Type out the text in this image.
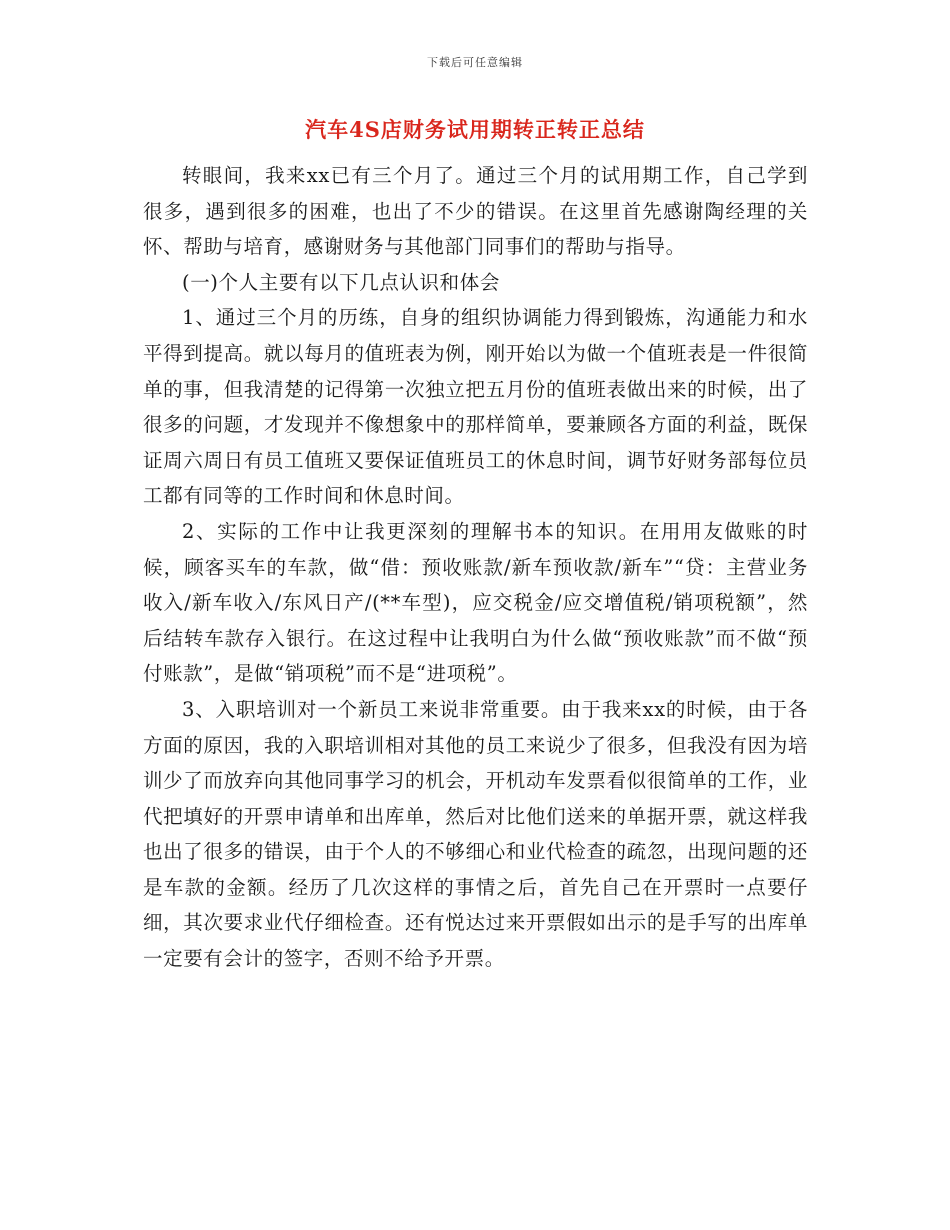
下载后可任意编辑
汽车4S店财务试用期转正转正总结

转眼间，我来xx已有三个月了。通过三个月的试用期工作，自己学到很多，遇到很多的困难，也出了不少的错误。在这里首先感谢陶经理的关怀、帮助与培育，感谢财务与其他部门同事们的帮助与指导。

(一)个人主要有以下几点认识和体会

1、通过三个月的历练，自身的组织协调能力得到锻炼，沟通能力和水平得到提高。就以每月的值班表为例，刚开始以为做一个值班表是一件很简单的事，但我清楚的记得第一次独立把五月份的值班表做出来的时候，出了很多的问题，才发现并不像想象中的那样简单，要兼顾各方面的利益，既保证周六周日有员工值班又要保证值班员工的休息时间，调节好财务部每位员工都有同等的工作时间和休息时间。

2、实际的工作中让我更深刻的理解书本的知识。在用用友做账的时候，顾客买车的车款，做“借：预收账款/新车预收款/新车”“贷：主营业务收入/新车收入/东风日产/(**车型)，应交税金/应交增值税/销项税额”，然后结转车款存入银行。在这过程中让我明白为什么做“预收账款”而不做“预付账款”，是做“销项税”而不是“进项税”。

3、入职培训对一个新员工来说非常重要。由于我来xx的时候，由于各方面的原因，我的入职培训相对其他的员工来说少了很多，但我没有因为培训少了而放弃向其他同事学习的机会，开机动车发票看似很简单的工作，业代把填好的开票申请单和出库单，然后对比他们送来的单据开票，就这样我也出了很多的错误，由于个人的不够细心和业代检查的疏忽，出现问题的还是车款的金额。经历了几次这样的事情之后，首先自己在开票时一点要仔细，其次要求业代仔细检查。还有悦达过来开票假如出示的是手写的出库单一定要有会计的签字，否则不给予开票。
